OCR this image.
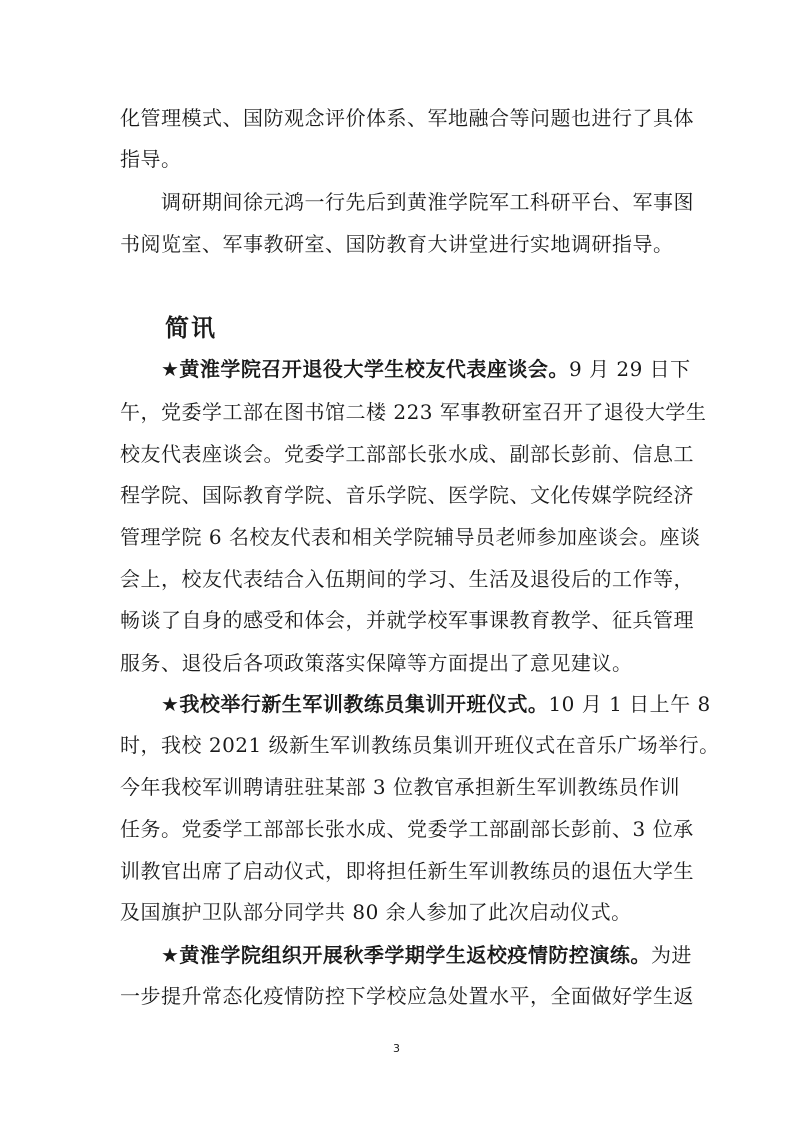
化管理模式、国防观念评价体系、军地融合等问题也进行了具体
指导。
调研期间徐元鸿一行先后到黄淮学院军工科研平台、军事图
书阅览室、军事教研室、国防教育大讲堂进行实地调研指导。
简讯
★黄淮学院召开退役大学生校友代表座谈会。9 月 29 日下
午，党委学工部在图书馆二楼 223 军事教研室召开了退役大学生
校友代表座谈会。党委学工部部长张水成、副部长彭前、信息工
程学院、国际教育学院、音乐学院、医学院、文化传媒学院经济
管理学院 6 名校友代表和相关学院辅导员老师参加座谈会。座谈
会上，校友代表结合入伍期间的学习、生活及退役后的工作等，
畅谈了自身的感受和体会，并就学校军事课教育教学、征兵管理
服务、退役后各项政策落实保障等方面提出了意见建议。
★我校举行新生军训教练员集训开班仪式。10 月 1 日上午 8
时，我校 2021 级新生军训教练员集训开班仪式在音乐广场举行。
今年我校军训聘请驻驻某部 3 位教官承担新生军训教练员作训
任务。党委学工部部长张水成、党委学工部副部长彭前、3 位承
训教官出席了启动仪式，即将担任新生军训教练员的退伍大学生
及国旗护卫队部分同学共 80 余人参加了此次启动仪式。
★黄淮学院组织开展秋季学期学生返校疫情防控演练。为进
一步提升常态化疫情防控下学校应急处置水平，全面做好学生返
3
